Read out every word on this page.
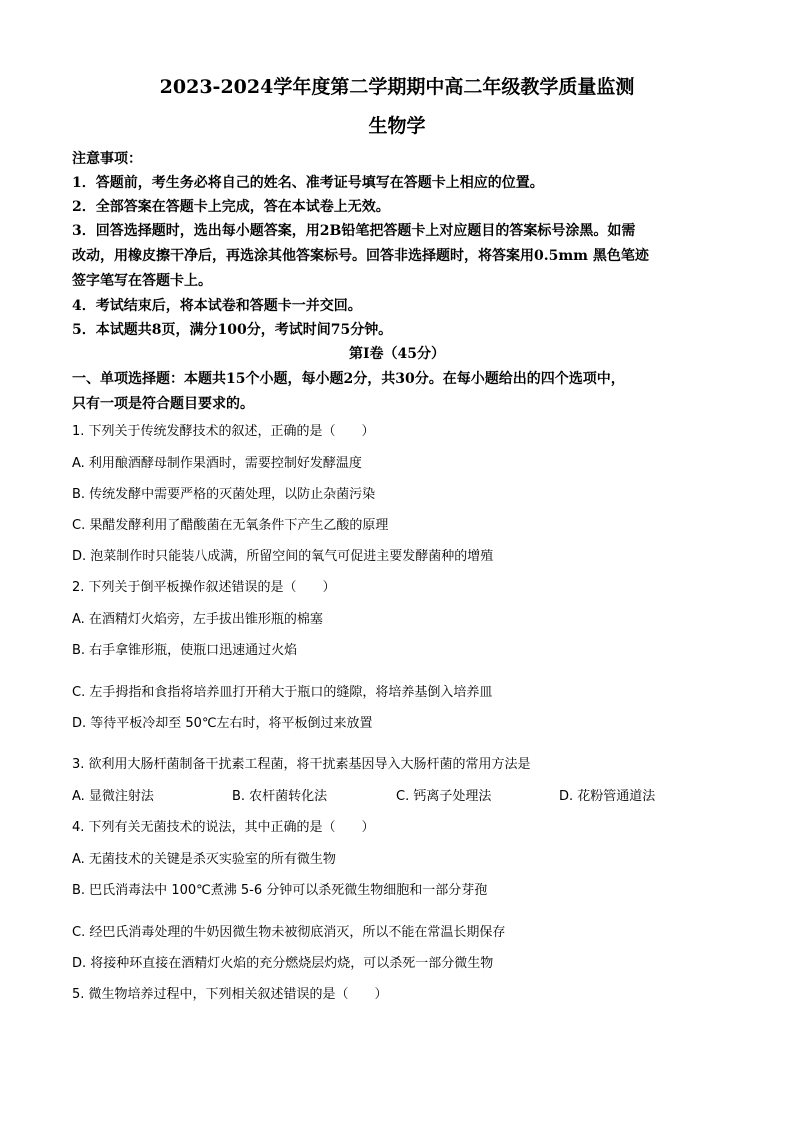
2023-2024学年度第二学期期中高二年级教学质量监测
生物学
注意事项：
1．答题前，考生务必将自己的姓名、准考证号填写在答题卡上相应的位置。
2．全部答案在答题卡上完成，答在本试卷上无效。
3．回答选择题时，选出每小题答案，用2B铅笔把答题卡上对应题目的答案标号涂黑。如需
改动，用橡皮擦干净后，再选涂其他答案标号。回答非选择题时，将答案用0.5mm 黑色笔迹
签字笔写在答题卡上。
4．考试结束后，将本试卷和答题卡一并交回。
5．本试题共8页，满分100分，考试时间75分钟。
第I卷（45分）
一、单项选择题：本题共15个小题，每小题2分，共30分。在每小题给出的四个选项中，
只有一项是符合题目要求的。
1. 下列关于传统发酵技术的叙述，正确的是（　　）
A. 利用酿酒酵母制作果酒时，需要控制好发酵温度
B. 传统发酵中需要严格的灭菌处理，以防止杂菌污染
C. 果醋发酵利用了醋酸菌在无氧条件下产生乙酸的原理
D. 泡菜制作时只能装八成满，所留空间的氧气可促进主要发酵菌种的增殖
2. 下列关于倒平板操作叙述错误的是（　　）
A. 在酒精灯火焰旁，左手拔出锥形瓶的棉塞
B. 右手拿锥形瓶，使瓶口迅速通过火焰
C. 左手拇指和食指将培养皿打开稍大于瓶口的缝隙，将培养基倒入培养皿
D. 等待平板冷却至 50℃左右时，将平板倒过来放置
3. 欲利用大肠杆菌制备干扰素工程菌，将干扰素基因导入大肠杆菌的常用方法是
A. 显微注射法	B. 农杆菌转化法	C. 钙离子处理法	D. 花粉管通道法
4. 下列有关无菌技术的说法，其中正确的是（　　）
A. 无菌技术的关键是杀灭实验室的所有微生物
B. 巴氏消毒法中 100℃煮沸 5-6 分钟可以杀死微生物细胞和一部分芽孢
C. 经巴氏消毒处理的牛奶因微生物未被彻底消灭，所以不能在常温长期保存
D. 将接种环直接在酒精灯火焰的充分燃烧层灼烧，可以杀死一部分微生物
5. 微生物培养过程中，下列相关叙述错误的是（　　）
